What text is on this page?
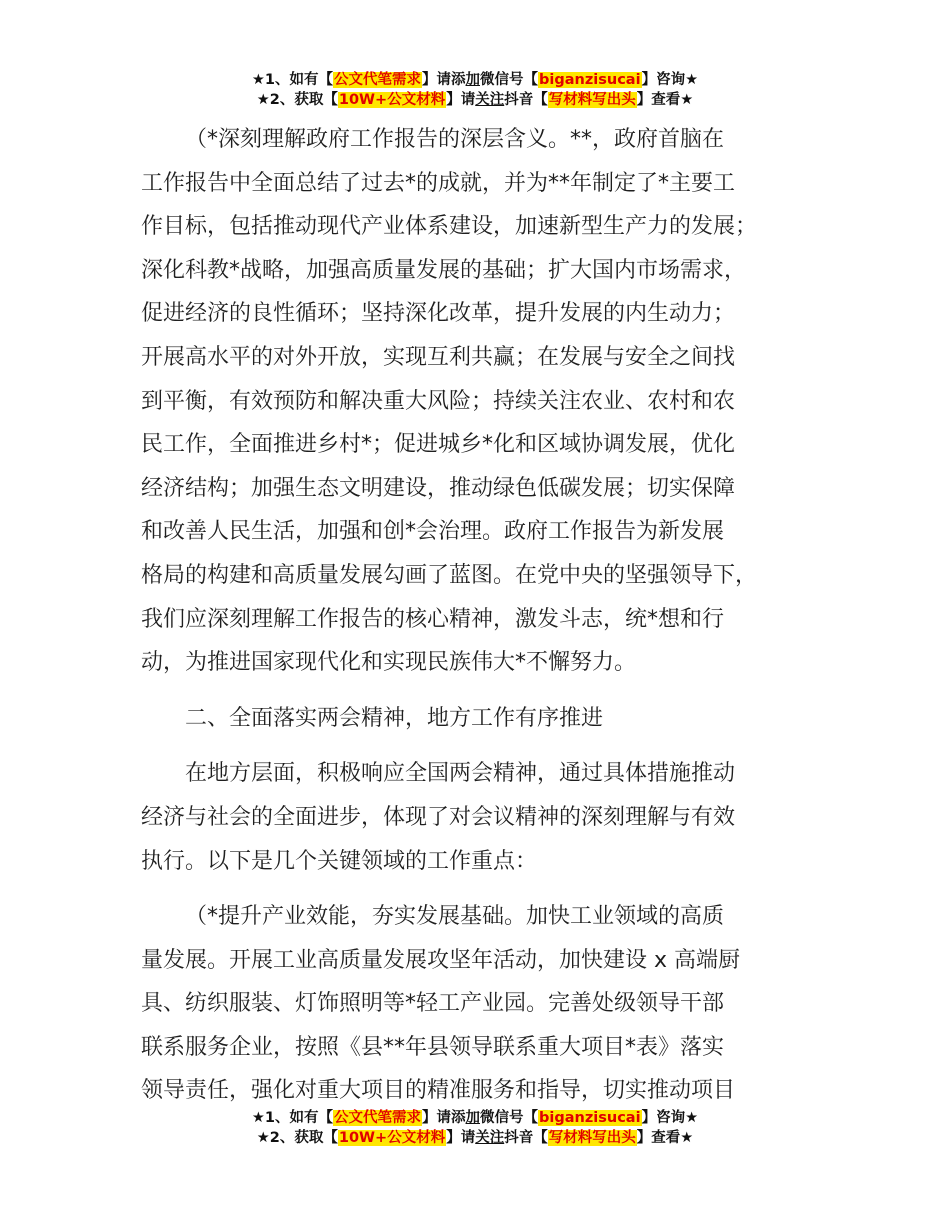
★1、如有【公文代笔需求】请添加微信号【biganzisucai】咨询★
★2、获取【10W+公文材料】请关注抖音【写材料写出头】查看★
（*深刻理解政府工作报告的深层含义。**，政府首脑在
工作报告中全面总结了过去*的成就，并为**年制定了*主要工
作目标，包括推动现代产业体系建设，加速新型生产力的发展；
深化科教*战略，加强高质量发展的基础；扩大国内市场需求，
促进经济的良性循环；坚持深化改革，提升发展的内生动力；
开展高水平的对外开放，实现互利共赢；在发展与安全之间找
到平衡，有效预防和解决重大风险；持续关注农业、农村和农
民工作，全面推进乡村*；促进城乡*化和区域协调发展，优化
经济结构；加强生态文明建设，推动绿色低碳发展；切实保障
和改善人民生活，加强和创*会治理。政府工作报告为新发展
格局的构建和高质量发展勾画了蓝图。在党中央的坚强领导下，
我们应深刻理解工作报告的核心精神，激发斗志，统*想和行
动，为推进国家现代化和实现民族伟大*不懈努力。
二、全面落实两会精神，地方工作有序推进
在地方层面，积极响应全国两会精神，通过具体措施推动
经济与社会的全面进步，体现了对会议精神的深刻理解与有效
执行。以下是几个关键领域的工作重点：
（*提升产业效能，夯实发展基础。加快工业领域的高质
量发展。开展工业高质量发展攻坚年活动，加快建设 x 高端厨
具、纺织服装、灯饰照明等*轻工产业园。完善处级领导干部
联系服务企业，按照《县**年县领导联系重大项目*表》落实
领导责任，强化对重大项目的精准服务和指导，切实推动项目
★1、如有【公文代笔需求】请添加微信号【biganzisucai】咨询★
★2、获取【10W+公文材料】请关注抖音【写材料写出头】查看★
